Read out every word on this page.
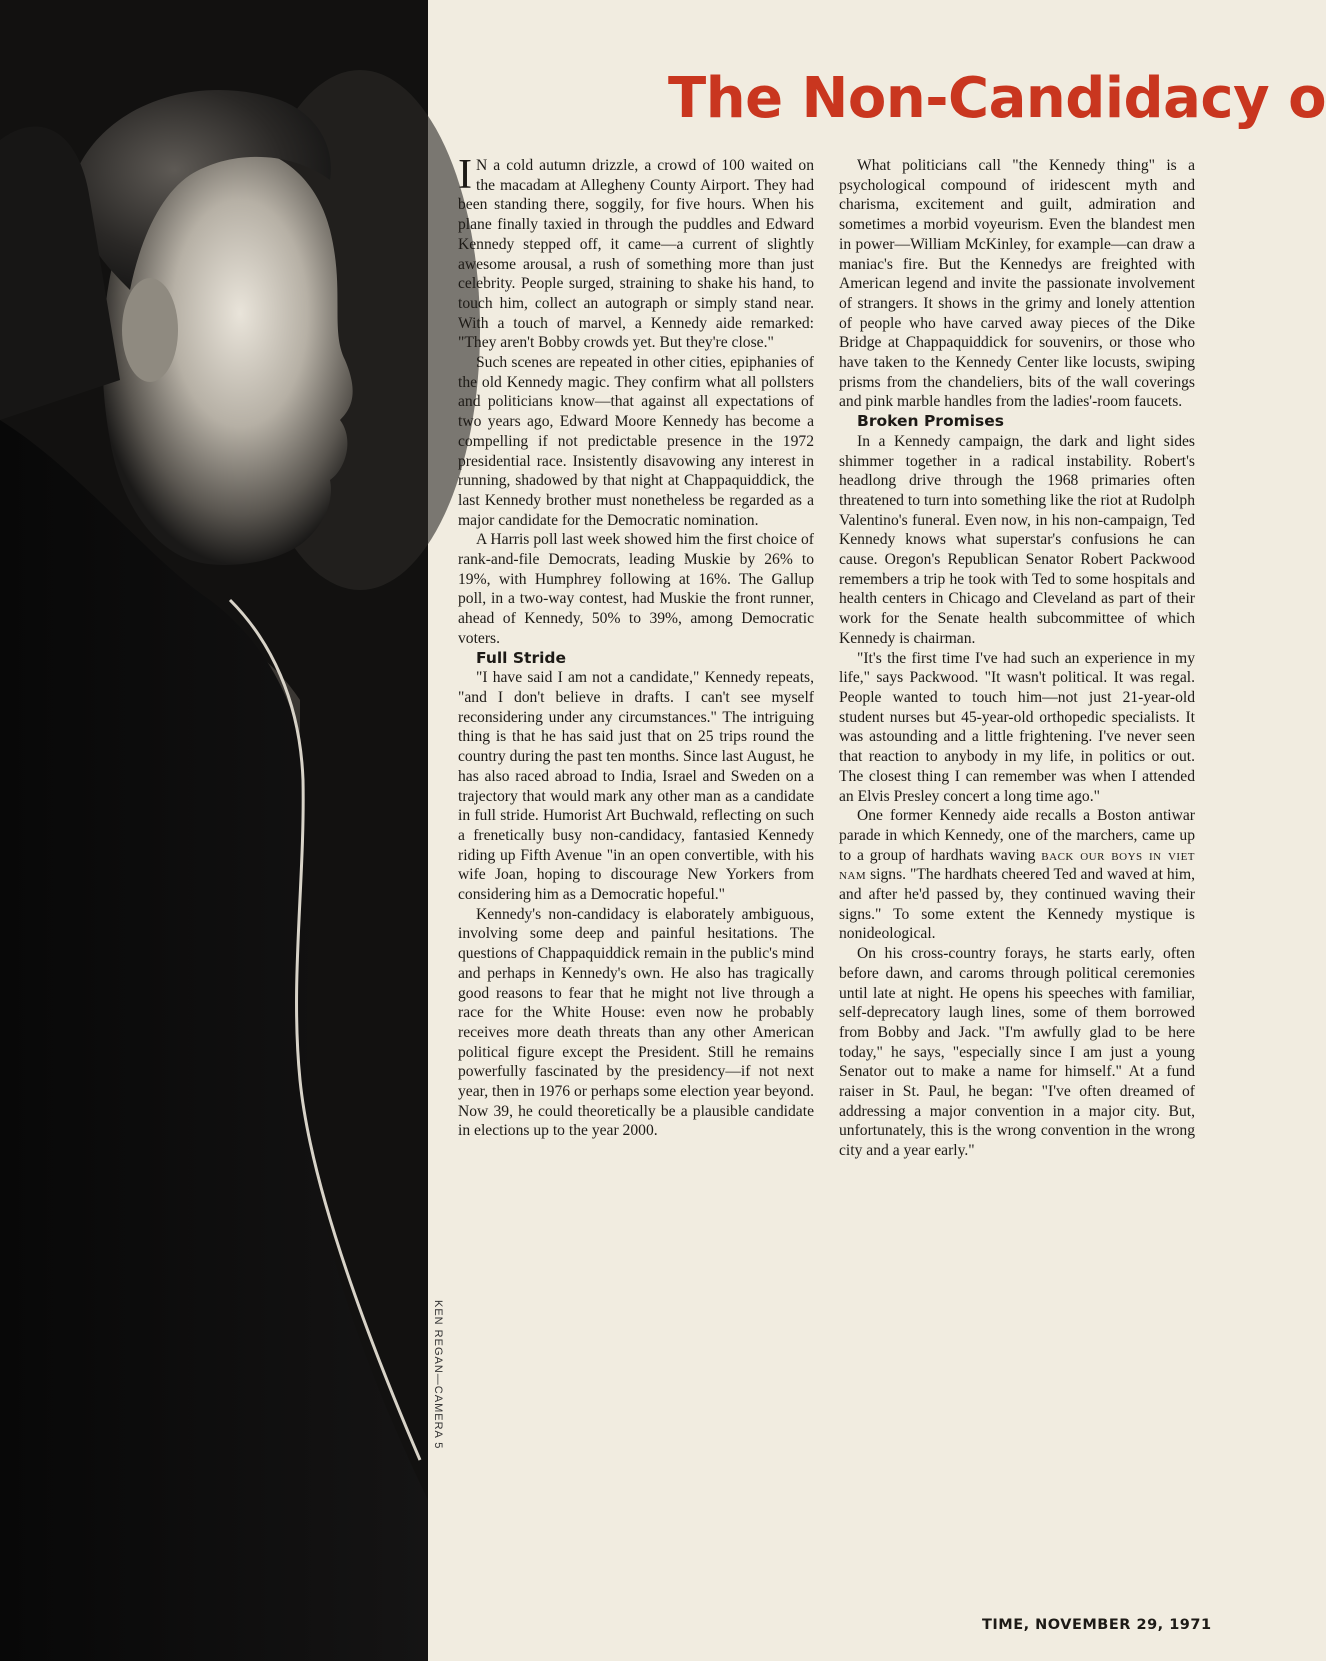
KEN REGAN—CAMERA 5
The Non-Candidacy o

I N a cold autumn drizzle, a crowd of 100 waited on the macadam at Allegheny County Airport. They had been standing there, soggily, for five hours. When his plane finally taxied in through the puddles and Edward Kennedy stepped off, it came—a current of slightly awesome arousal, a rush of something more than just celebrity. People surged, straining to shake his hand, to touch him, collect an autograph or simply stand near. With a touch of marvel, a Kennedy aide remarked: "They aren't Bobby crowds yet. But they're close."

Such scenes are repeated in other cities, epiphanies of the old Kennedy magic. They confirm what all pollsters and politicians know—that against all expectations of two years ago, Edward Moore Kennedy has become a compelling if not predictable presence in the 1972 presidential race. Insistently disavowing any interest in running, shadowed by that night at Chappaquiddick, the last Kennedy brother must nonetheless be regarded as a major candidate for the Democratic nomination.

A Harris poll last week showed him the first choice of rank-and-file Democrats, leading Muskie by 26% to 19%, with Humphrey following at 16%. The Gallup poll, in a two-way contest, had Muskie the front runner, ahead of Kennedy, 50% to 39%, among Democratic voters.

Full Stride

"I have said I am not a candidate," Kennedy repeats, "and I don't believe in drafts. I can't see myself reconsidering under any circumstances." The intriguing thing is that he has said just that on 25 trips round the country during the past ten months. Since last August, he has also raced abroad to India, Israel and Sweden on a trajectory that would mark any other man as a candidate in full stride. Humorist Art Buchwald, reflecting on such a frenetically busy non-candidacy, fantasied Kennedy riding up Fifth Avenue "in an open convertible, with his wife Joan, hoping to discourage New Yorkers from considering him as a Democratic hopeful."

Kennedy's non-candidacy is elaborately ambiguous, involving some deep and painful hesitations. The questions of Chappaquiddick remain in the public's mind and perhaps in Kennedy's own. He also has tragically good reasons to fear that he might not live through a race for the White House: even now he probably receives more death threats than any other American political figure except the President. Still he remains powerfully fascinated by the presidency—if not next year, then in 1976 or perhaps some election year beyond. Now 39, he could theoretically be a plausible candidate in elections up to the year 2000.

What politicians call "the Kennedy thing" is a psychological compound of iridescent myth and charisma, excitement and guilt, admiration and sometimes a morbid voyeurism. Even the blandest men in power—William McKinley, for example—can draw a maniac's fire. But the Kennedys are freighted with American legend and invite the passionate involvement of strangers. It shows in the grimy and lonely attention of people who have carved away pieces of the Dike Bridge at Chappaquiddick for souvenirs, or those who have taken to the Kennedy Center like locusts, swiping prisms from the chandeliers, bits of the wall coverings and pink marble handles from the ladies'-room faucets.

Broken Promises

In a Kennedy campaign, the dark and light sides shimmer together in a radical instability. Robert's headlong drive through the 1968 primaries often threatened to turn into something like the riot at Rudolph Valentino's funeral. Even now, in his non-campaign, Ted Kennedy knows what superstar's confusions he can cause. Oregon's Republican Senator Robert Packwood remembers a trip he took with Ted to some hospitals and health centers in Chicago and Cleveland as part of their work for the Senate health subcommittee of which Kennedy is chairman.

"It's the first time I've had such an experience in my life," says Packwood. "It wasn't political. It was regal. People wanted to touch him—not just 21-year-old student nurses but 45-year-old orthopedic specialists. It was astounding and a little frightening. I've never seen that reaction to anybody in my life, in politics or out. The closest thing I can remember was when I attended an Elvis Presley concert a long time ago."

One former Kennedy aide recalls a Boston antiwar parade in which Kennedy, one of the marchers, came up to a group of hardhats waving back our boys in viet nam signs. "The hardhats cheered Ted and waved at him, and after he'd passed by, they continued waving their signs." To some extent the Kennedy mystique is nonideological.

On his cross-country forays, he starts early, often before dawn, and caroms through political ceremonies until late at night. He opens his speeches with familiar, self-deprecatory laugh lines, some of them borrowed from Bobby and Jack. "I'm awfully glad to be here today," he says, "especially since I am just a young Senator out to make a name for himself." At a fund raiser in St. Paul, he began: "I've often dreamed of addressing a major convention in a major city. But, unfortunately, this is the wrong convention in the wrong city and a year early."

TIME, NOVEMBER 29, 1971
